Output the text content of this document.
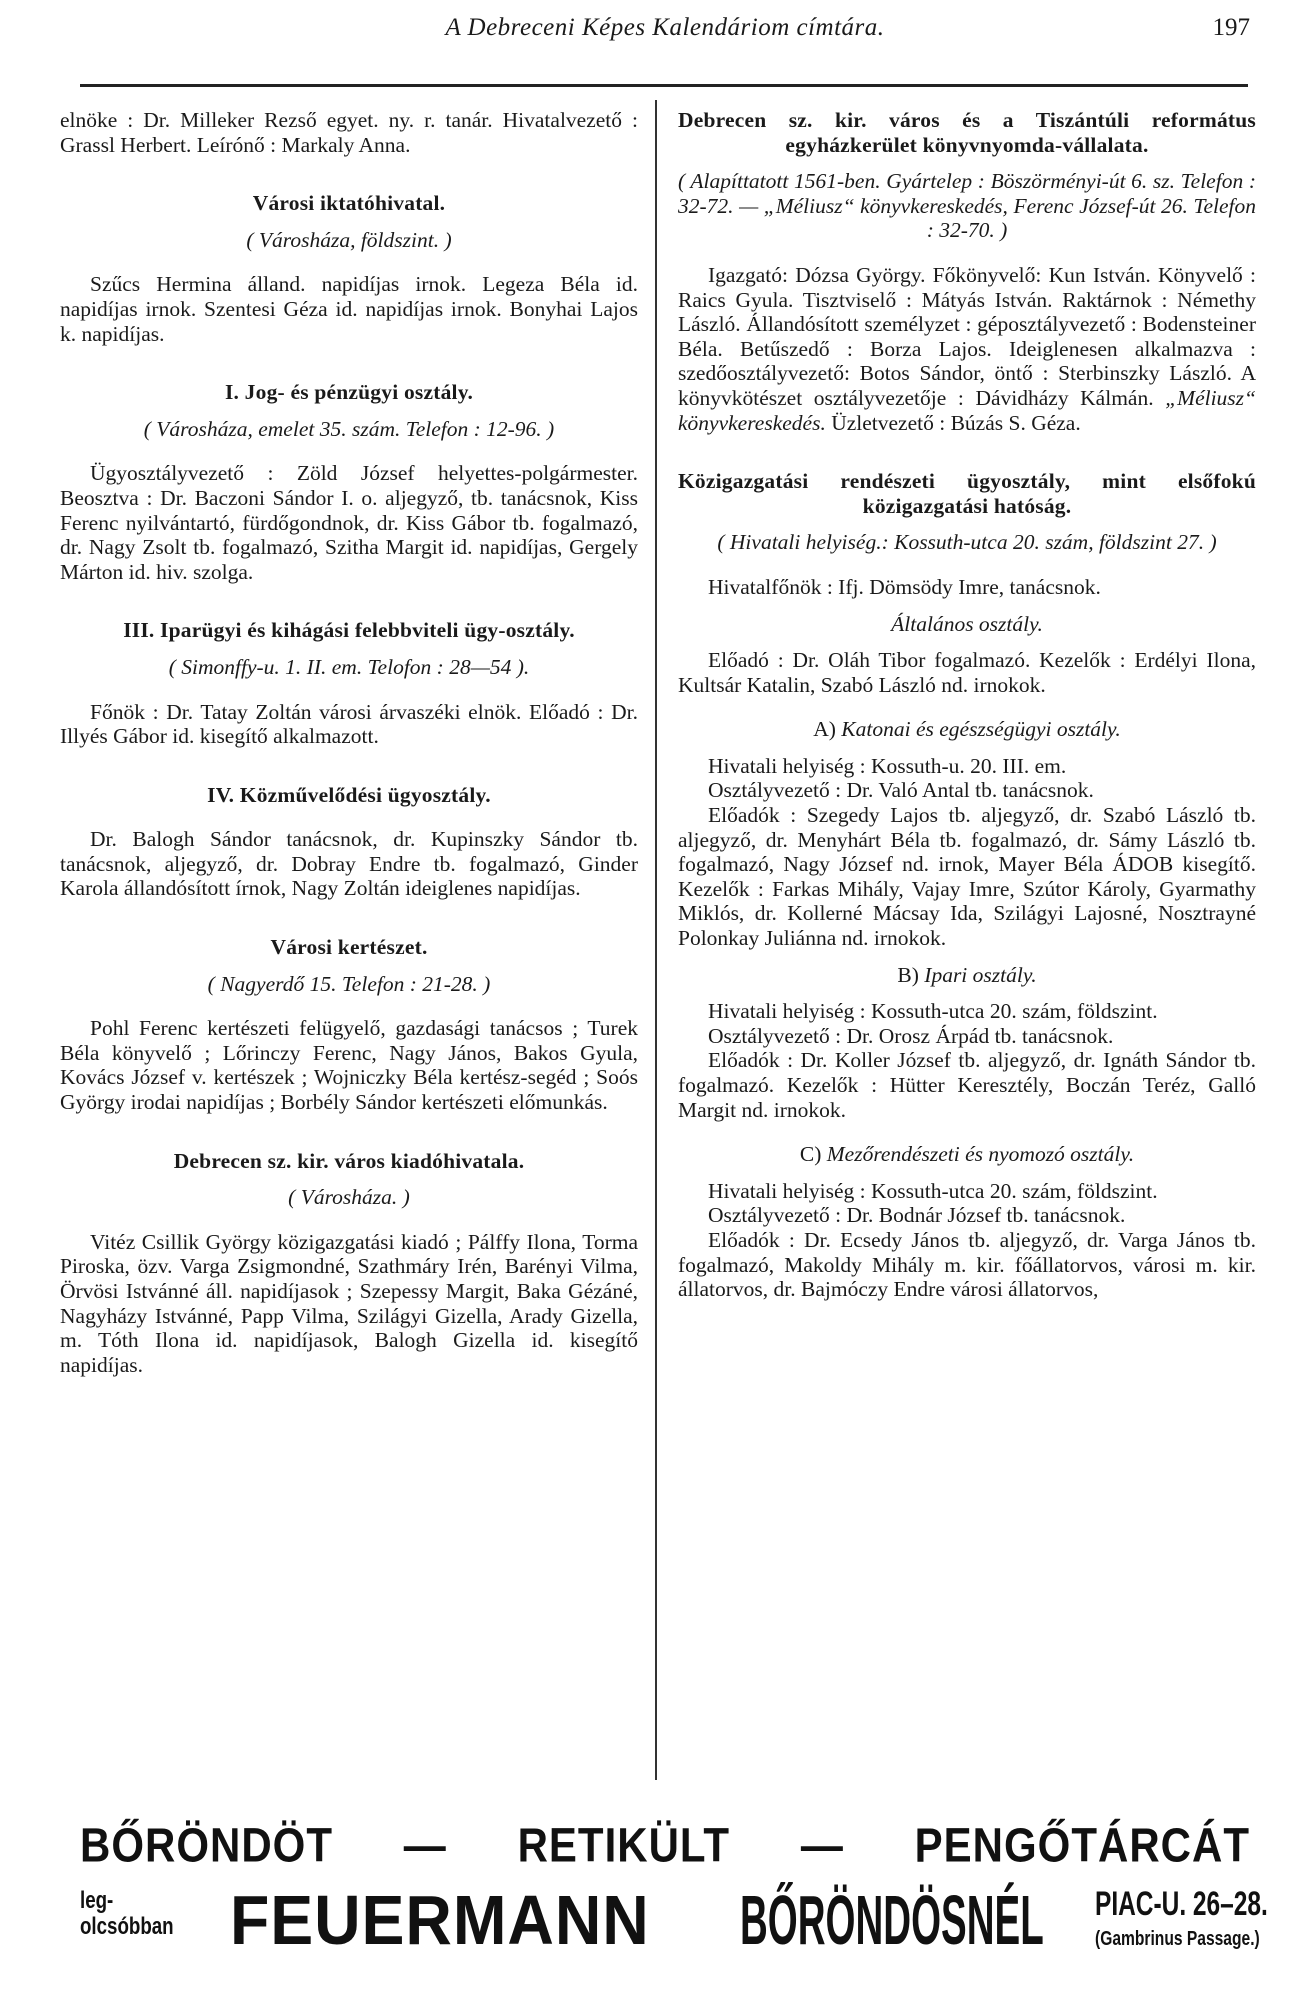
A Debreceni Képes Kalendáriom címtára.	197

elnöke : Dr. Milleker Rezső egyet. ny. r. tanár. Hivatalvezető : Grassl Herbert. Leírónő : Markaly Anna.

Városi iktatóhivatal.

( Városháza, földszint. )

Szűcs Hermina álland. napidíjas irnok. Legeza Béla id. napidíjas irnok. Szentesi Géza id. napidíjas irnok. Bonyhai Lajos k. napidíjas.

I. Jog- és pénzügyi osztály.

( Városháza, emelet 35. szám. Telefon : 12-96. )

Ügyosztályvezető : Zöld József helyettes-polgármester. Beosztva : Dr. Baczoni Sándor I. o. aljegyző, tb. tanácsnok, Kiss Ferenc nyilvántartó, fürdőgondnok, dr. Kiss Gábor tb. fogalmazó, dr. Nagy Zsolt tb. fogalmazó, Szitha Margit id. napidíjas, Gergely Márton id. hiv. szolga.

III. Iparügyi és kihágási felebbviteli ügy-osztály.

( Simonffy-u. 1. II. em. Telofon : 28—54 ).

Főnök : Dr. Tatay Zoltán városi árvaszéki elnök. Előadó : Dr. Illyés Gábor id. kisegítő alkalmazott.

IV. Közművelődési ügyosztály.

Dr. Balogh Sándor tanácsnok, dr. Kupinszky Sándor tb. tanácsnok, aljegyző, dr. Dobray Endre tb. fogalmazó, Ginder Karola állandósított írnok, Nagy Zoltán ideiglenes napidíjas.

Városi kertészet.

( Nagyerdő 15. Telefon : 21-28. )

Pohl Ferenc kertészeti felügyelő, gazdasági tanácsos ; Turek Béla könyvelő ; Lőrinczy Ferenc, Nagy János, Bakos Gyula, Kovács József v. kertészek ; Wojniczky Béla kertész-segéd ; Soós György irodai napidíjas ; Borbély Sándor kertészeti előmunkás.

Debrecen sz. kir. város kiadóhivatala.

( Városháza. )

Vitéz Csillik György közigazgatási kiadó ; Pálffy Ilona, Torma Piroska, özv. Varga Zsigmondné, Szathmáry Irén, Barényi Vilma, Örvösi Istvánné áll. napidíjasok ; Szepessy Margit, Baka Gézáné, Nagyházy Istvánné, Papp Vilma, Szilágyi Gizella, Arady Gizella, m. Tóth Ilona id. napidíjasok, Balogh Gizella id. kisegítő napidíjas.

Debrecen sz. kir. város és a Tiszántúli református egyházkerület könyvnyomda-vállalata.

( Alapíttatott 1561-ben. Gyártelep : Böszörményi-út 6. sz. Telefon : 32-72. — „Méliusz“ könyvkereskedés, Ferenc József-út 26. Telefon : 32-70. )

Igazgató: Dózsa György. Főkönyvelő: Kun István. Könyvelő : Raics Gyula. Tisztviselő : Mátyás István. Raktárnok : Némethy László. Állandósított személyzet : géposztályvezető : Bodensteiner Béla. Betűszedő : Borza Lajos. Ideiglenesen alkalmazva : szedőosztályvezető: Botos Sándor, öntő : Sterbinszky László. A könyvkötészet osztályvezetője : Dávidházy Kálmán. „Méliusz“ könyvkereskedés. Üzletvezető : Búzás S. Géza.

Közigazgatási rendészeti ügyosztály, mint elsőfokú közigazgatási hatóság.

( Hivatali helyiség.: Kossuth-utca 20. szám, földszint 27. )

Hivatalfőnök : Ifj. Dömsödy Imre, tanácsnok.

Általános osztály.

Előadó : Dr. Oláh Tibor fogalmazó. Kezelők : Erdélyi Ilona, Kultsár Katalin, Szabó László nd. irnokok.

A) Katonai és egészségügyi osztály.

Hivatali helyiség : Kossuth-u. 20. III. em.

Osztályvezető : Dr. Való Antal tb. tanácsnok.

Előadók : Szegedy Lajos tb. aljegyző, dr. Szabó László tb. aljegyző, dr. Menyhárt Béla tb. fogalmazó, dr. Sámy László tb. fogalmazó, Nagy József nd. irnok, Mayer Béla ÁDOB kisegítő. Kezelők : Farkas Mihály, Vajay Imre, Szútor Károly, Gyarmathy Miklós, dr. Kollerné Mácsay Ida, Szilágyi Lajosné, Nosztrayné Polonkay Juliánna nd. irnokok.

B) Ipari osztály.

Hivatali helyiség : Kossuth-utca 20. szám, földszint.

Osztályvezető : Dr. Orosz Árpád tb. tanácsnok.

Előadók : Dr. Koller József tb. aljegyző, dr. Ignáth Sándor tb. fogalmazó. Kezelők : Hütter Keresztély, Boczán Teréz, Galló Margit nd. irnokok.

C) Mezőrendészeti és nyomozó osztály.

Hivatali helyiség : Kossuth-utca 20. szám, földszint.

Osztályvezető : Dr. Bodnár József tb. tanácsnok.

Előadók : Dr. Ecsedy János tb. aljegyző, dr. Varga János tb. fogalmazó, Makoldy Mihály m. kir. főállatorvos, városi m. kir. állatorvos, dr. Bajmóczy Endre városi állatorvos,

BŐRÖNDÖT — RETIKÜLT — PENGŐTÁRCÁT
leg-
olcsóbban FEUERMANN BŐRÖNDÖSNÉL PIAC-U. 26–28.
(Gambrinus Passage.)
